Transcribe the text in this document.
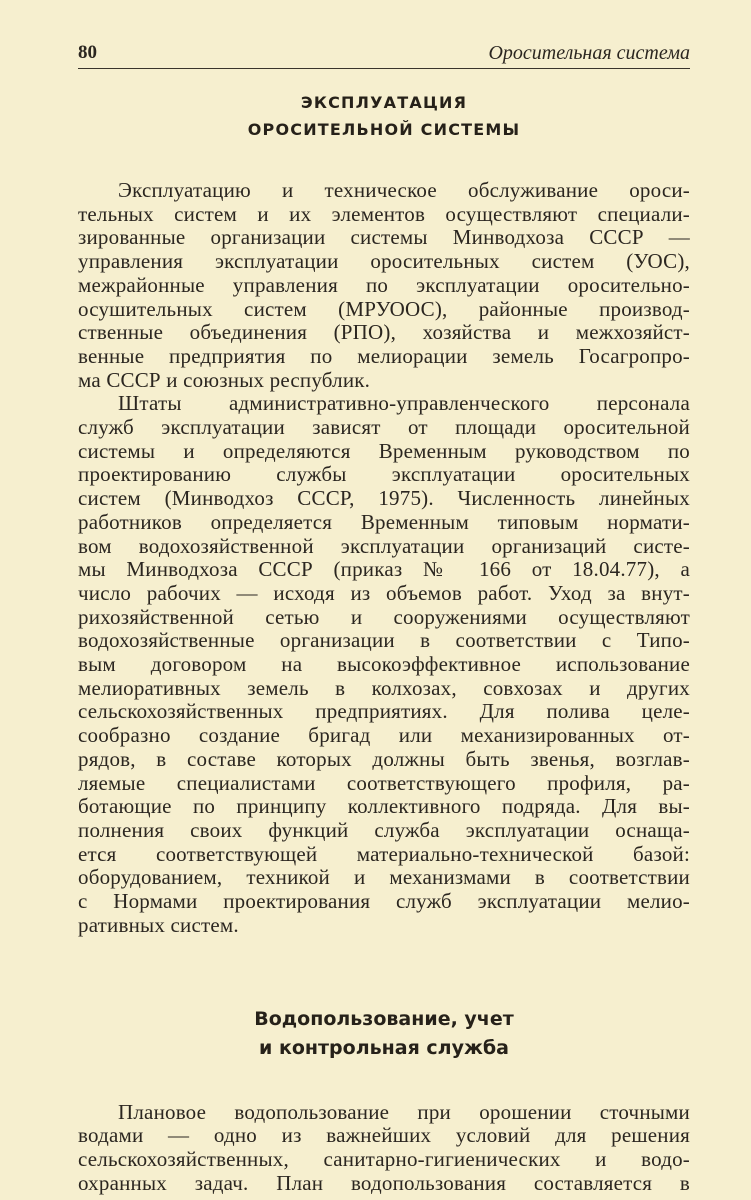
80	Оросительная система
ЭКСПЛУАТАЦИЯ
ОРОСИТЕЛЬНОЙ СИСТЕМЫ

Эксплуатацию и техническое обслуживание ороси-
тельных систем и их элементов осуществляют специали-
зированные организации системы Минводхоза СССР —
управления эксплуатации оросительных систем (УОС),
межрайонные управления по эксплуатации оросительно-
осушительных систем (МРУООС), районные производ-
ственные объединения (РПО), хозяйства и межхозяйст-
венные предприятия по мелиорации земель Госагропро-
ма СССР и союзных республик.

Штаты административно-управленческого персонала
служб эксплуатации зависят от площади оросительной
системы и определяются Временным руководством по
проектированию службы эксплуатации оросительных
систем (Минводхоз СССР, 1975). Численность линейных
работников определяется Временным типовым нормати-
вом водохозяйственной эксплуатации организаций систе-
мы Минводхоза СССР (приказ № 166 от 18.04.77), а
число рабочих — исходя из объемов работ. Уход за внут-
рихозяйственной сетью и сооружениями осуществляют
водохозяйственные организации в соответствии с Типо-
вым договором на высокоэффективное использование
мелиоративных земель в колхозах, совхозах и других
сельскохозяйственных предприятиях. Для полива целе-
сообразно создание бригад или механизированных от-
рядов, в составе которых должны быть звенья, возглав-
ляемые специалистами соответствующего профиля, ра-
ботающие по принципу коллективного подряда. Для вы-
полнения своих функций служба эксплуатации оснаща-
ется соответствующей материально-технической базой:
оборудованием, техникой и механизмами в соответствии
с Нормами проектирования служб эксплуатации мелио-
ративных систем.

Водопользование, учет
и контрольная служба

Плановое водопользование при орошении сточными
водами — одно из важнейших условий для решения
сельскохозяйственных, санитарно-гигиенических и водо-
охранных задач. План водопользования составляется в
